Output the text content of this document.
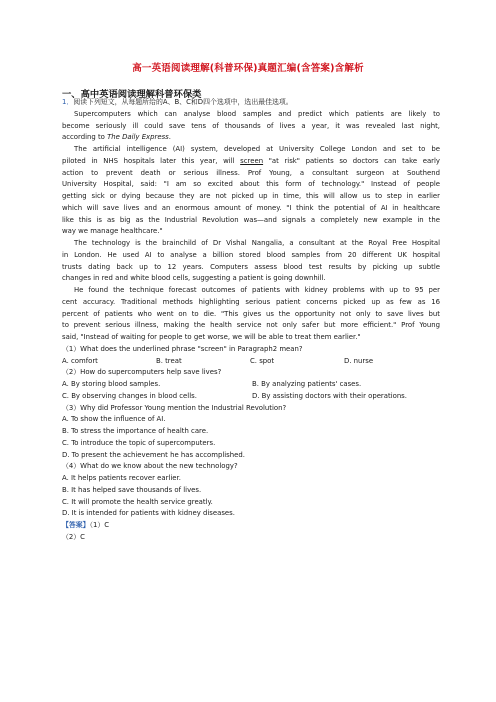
高一英语阅读理解(科普环保)真题汇编(含答案)含解析
一、高中英语阅读理解科普环保类
1．阅读下列短文，从每题所给的A、B、C和D四个选项中，选出最佳选项。
Supercomputers which can analyse blood samples and predict which patients are likely to
become seriously ill could save tens of thousands of lives a year, it was revealed last night,
according to The Daily Express.
The artificial intelligence (AI) system, developed at University College London and set to be
piloted in NHS hospitals later this year, will screen "at risk" patients so doctors can take early
action to prevent death or serious illness. Prof Young, a consultant surgeon at Southend
University Hospital, said: "I am so excited about this form of technology." Instead of people
getting sick or dying because they are not picked up in time, this will allow us to step in earlier
which will save lives and an enormous amount of money. "I think the potential of AI in healthcare
like this is as big as the Industrial Revolution was—and signals a completely new example in the
way we manage healthcare."
The technology is the brainchild of Dr Vishal Nangalia, a consultant at the Royal Free Hospital
in London. He used AI to analyse a billion stored blood samples from 20 different UK hospital
trusts dating back up to 12 years. Computers assess blood test results by picking up subtle
changes in red and white blood cells, suggesting a patient is going downhill.
He found the technique forecast outcomes of patients with kidney problems with up to 95 per
cent accuracy. Traditional methods highlighting serious patient concerns picked up as few as 16
percent of patients who went on to die. "This gives us the opportunity not only to save lives but
to prevent serious illness, making the health service not only safer but more efficient." Prof Young
said, "Instead of waiting for people to get worse, we will be able to treat them earlier."
（1）What does the underlined phrase "screen" in Paragraph2 mean?
A. comfort	B. treat	C. spot	D. nurse
（2）How do supercomputers help save lives?
A. By storing blood samples.	B. By analyzing patients' cases.
C. By observing changes in blood cells.	D. By assisting doctors with their operations.
（3）Why did Professor Young mention the Industrial Revolution?
A. To show the influence of AI.
B. To stress the importance of health care.
C. To introduce the topic of supercomputers.
D. To present the achievement he has accomplished.
（4）What do we know about the new technology?
A. It helps patients recover earlier.
B. It has helped save thousands of lives.
C. It will promote the health service greatly.
D. It is intended for patients with kidney diseases.
【答案】（1）C
（2）C
